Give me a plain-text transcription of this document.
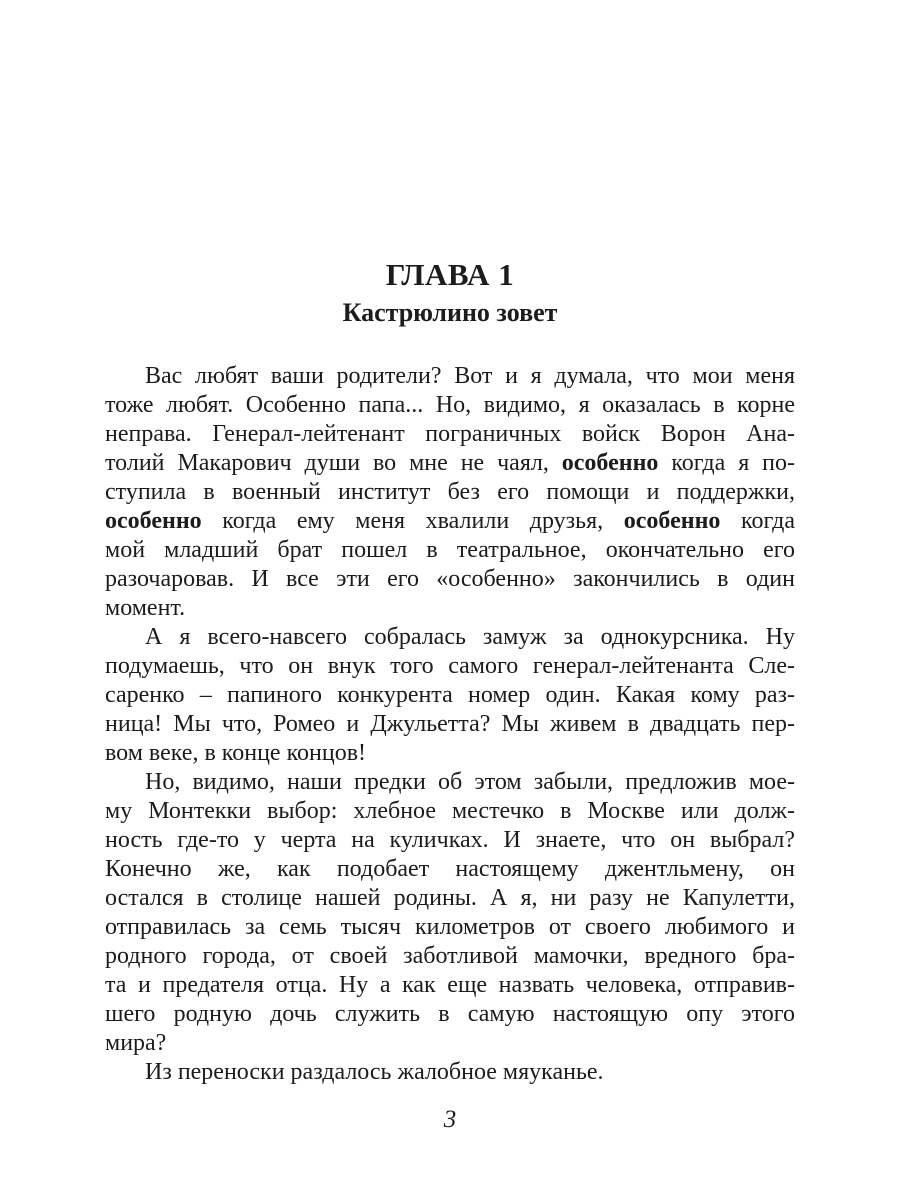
ГЛАВА 1
Кастрюлино зовет
Вас любят ваши родители? Вот и я думала, что мои меня
тоже любят. Особенно папа... Но, видимо, я оказалась в корне
неправа. Генерал-лейтенант пограничных войск Ворон Ана-
толий Макарович души во мне не чаял, особенно когда я по-
ступила в военный институт без его помощи и поддержки,
особенно когда ему меня хвалили друзья, особенно когда
мой младший брат пошел в театральное, окончательно его
разочаровав. И все эти его «особенно» закончились в один
момент.
А я всего-навсего собралась замуж за однокурсника. Ну
подумаешь, что он внук того самого генерал-лейтенанта Сле-
саренко – папиного конкурента номер один. Какая кому раз-
ница! Мы что, Ромео и Джульетта? Мы живем в двадцать пер-
вом веке, в конце концов!
Но, видимо, наши предки об этом забыли, предложив мое-
му Монтекки выбор: хлебное местечко в Москве или долж-
ность где-то у черта на куличках. И знаете, что он выбрал?
Конечно же, как подобает настоящему джентльмену, он
остался в столице нашей родины. А я, ни разу не Капулетти,
отправилась за семь тысяч километров от своего любимого и
родного города, от своей заботливой мамочки, вредного бра-
та и предателя отца. Ну а как еще назвать человека, отправив-
шего родную дочь служить в самую настоящую опу этого
мира?
Из переноски раздалось жалобное мяуканье.
3
